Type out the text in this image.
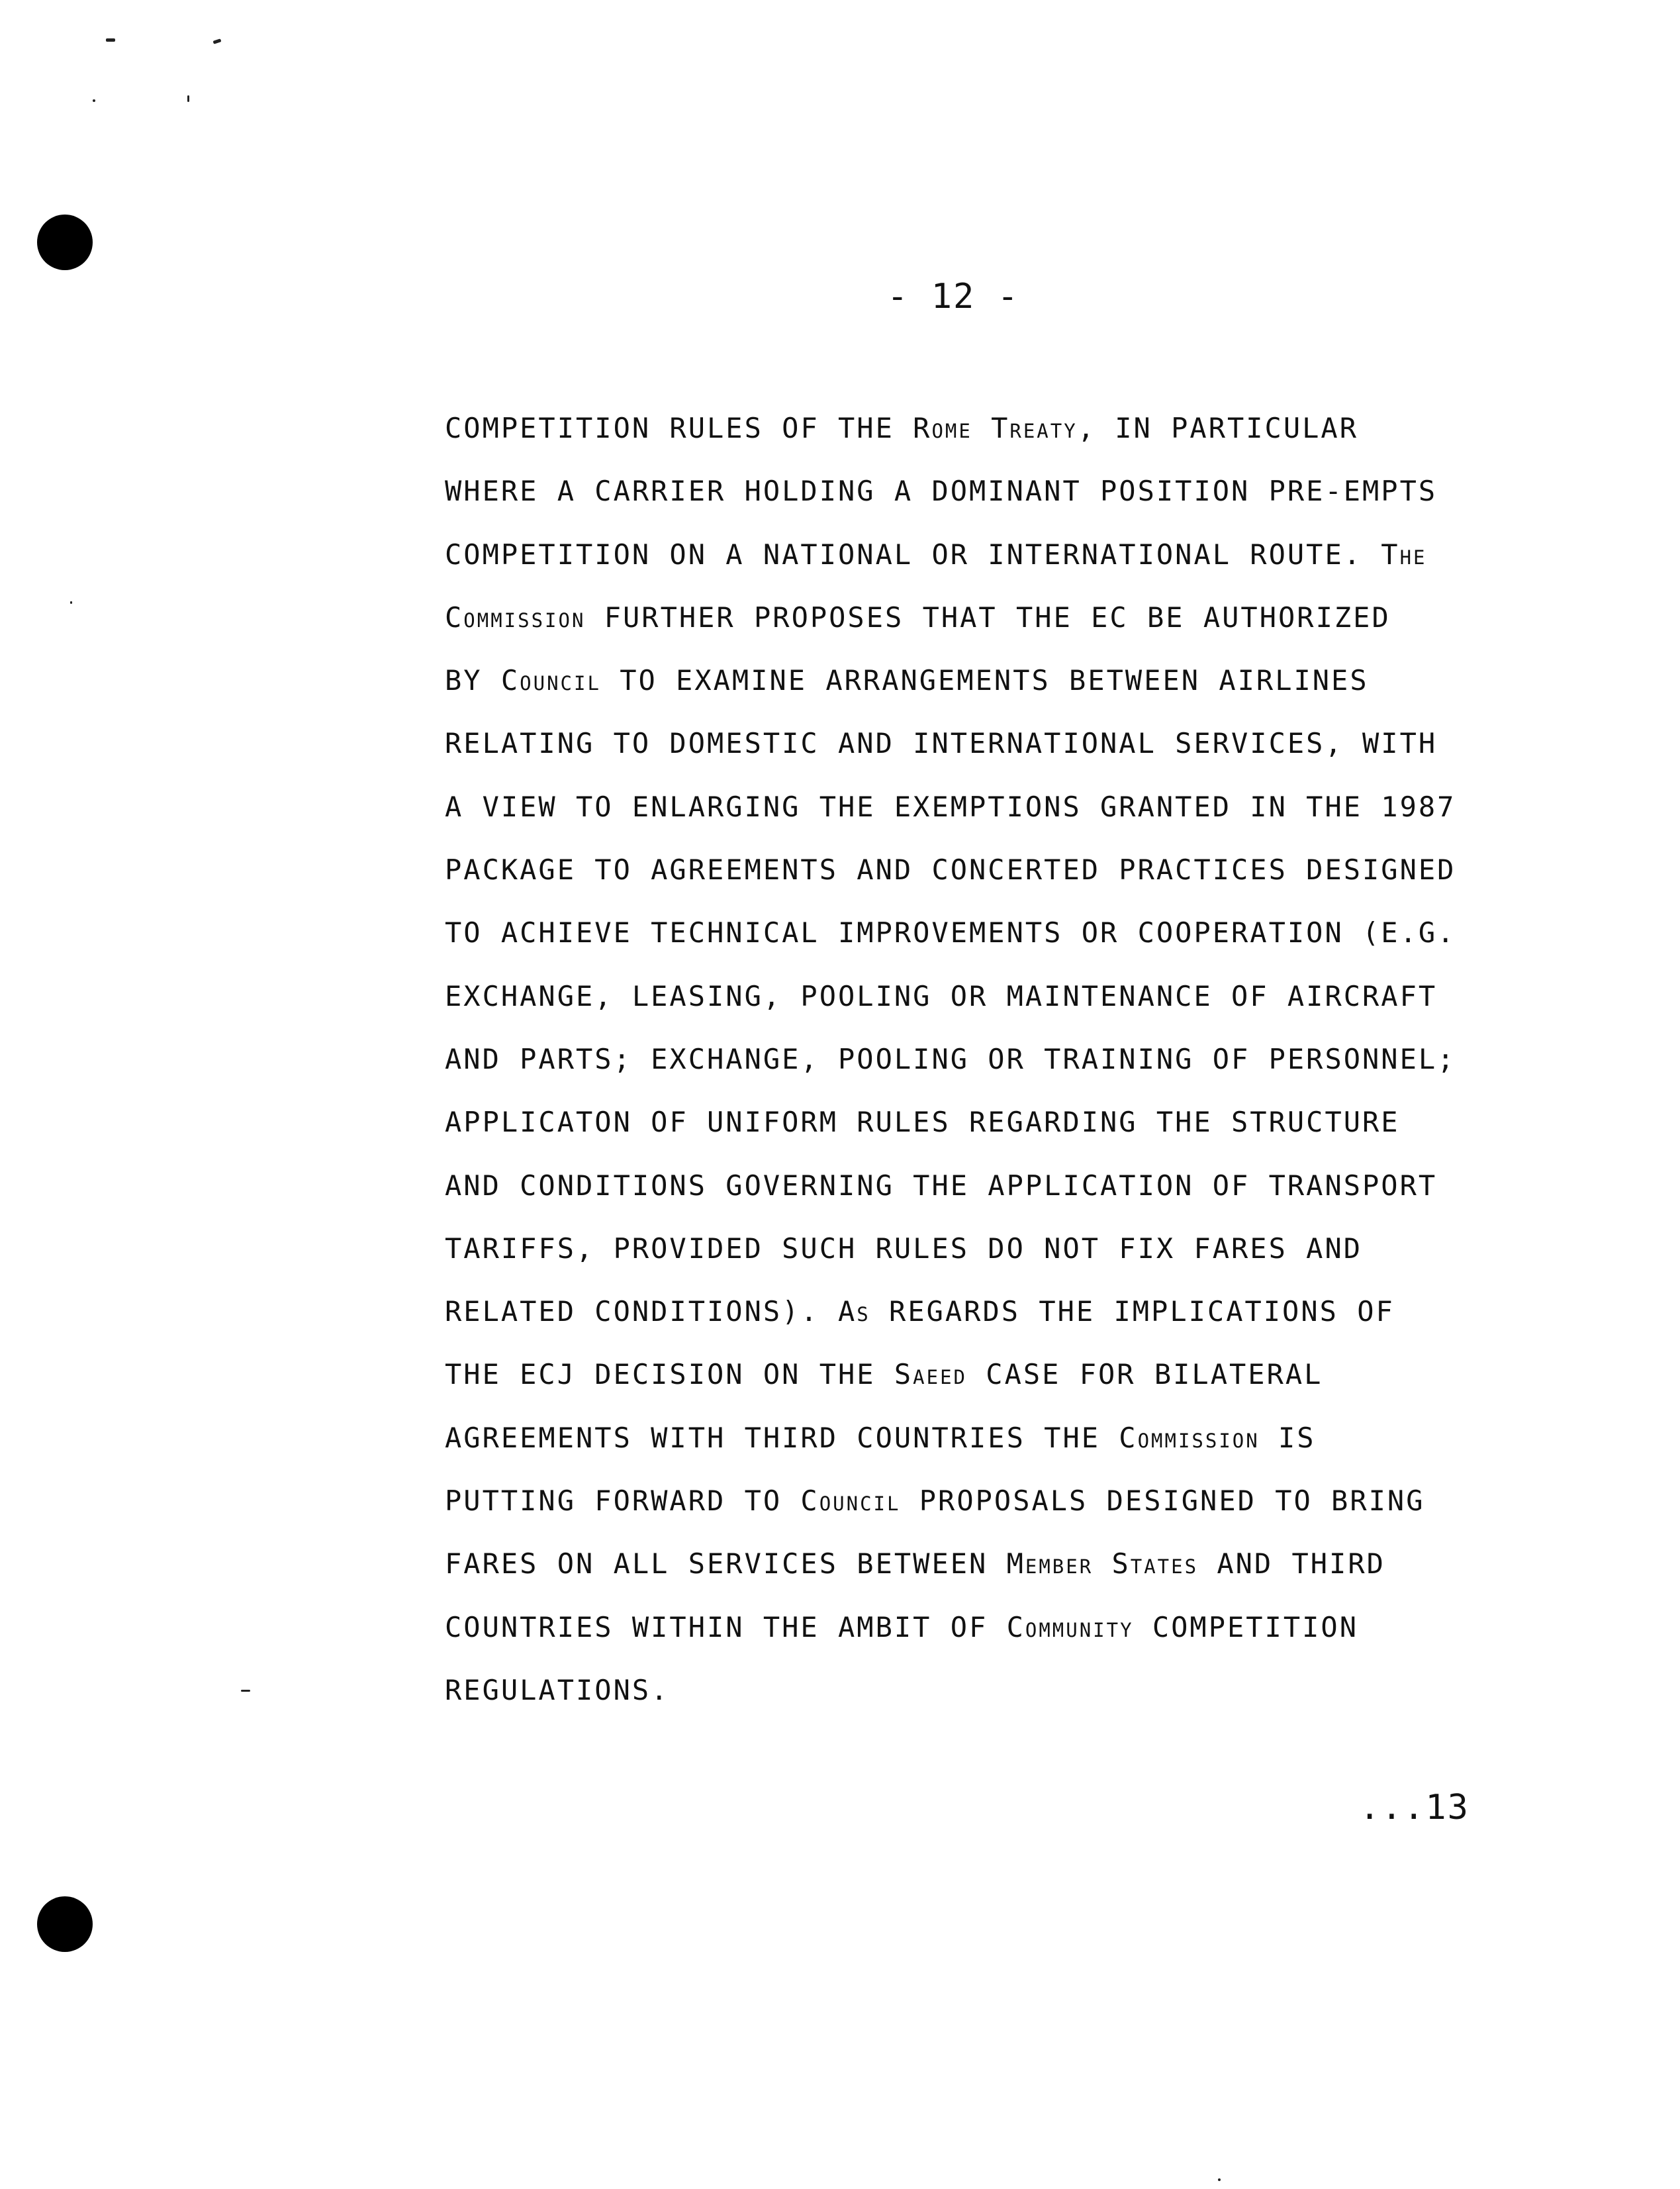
- 12 -
COMPETITION RULES OF THE Rome Treaty, IN PARTICULAR
WHERE A CARRIER HOLDING A DOMINANT POSITION PRE-EMPTS
COMPETITION ON A NATIONAL OR INTERNATIONAL ROUTE. The
Commission FURTHER PROPOSES THAT THE EC BE AUTHORIZED
BY Council TO EXAMINE ARRANGEMENTS BETWEEN AIRLINES
RELATING TO DOMESTIC AND INTERNATIONAL SERVICES, WITH
A VIEW TO ENLARGING THE EXEMPTIONS GRANTED IN THE 1987
PACKAGE TO AGREEMENTS AND CONCERTED PRACTICES DESIGNED
TO ACHIEVE TECHNICAL IMPROVEMENTS OR COOPERATION (E.G.
EXCHANGE, LEASING, POOLING OR MAINTENANCE OF AIRCRAFT
AND PARTS; EXCHANGE, POOLING OR TRAINING OF PERSONNEL;
APPLICATON OF UNIFORM RULES REGARDING THE STRUCTURE
AND CONDITIONS GOVERNING THE APPLICATION OF TRANSPORT
TARIFFS, PROVIDED SUCH RULES DO NOT FIX FARES AND
RELATED CONDITIONS). As REGARDS THE IMPLICATIONS OF
THE ECJ DECISION ON THE Saeed CASE FOR BILATERAL
AGREEMENTS WITH THIRD COUNTRIES THE Commission IS
PUTTING FORWARD TO Council PROPOSALS DESIGNED TO BRING
FARES ON ALL SERVICES BETWEEN Member States AND THIRD
COUNTRIES WITHIN THE AMBIT OF Community COMPETITION
REGULATIONS.
...13
